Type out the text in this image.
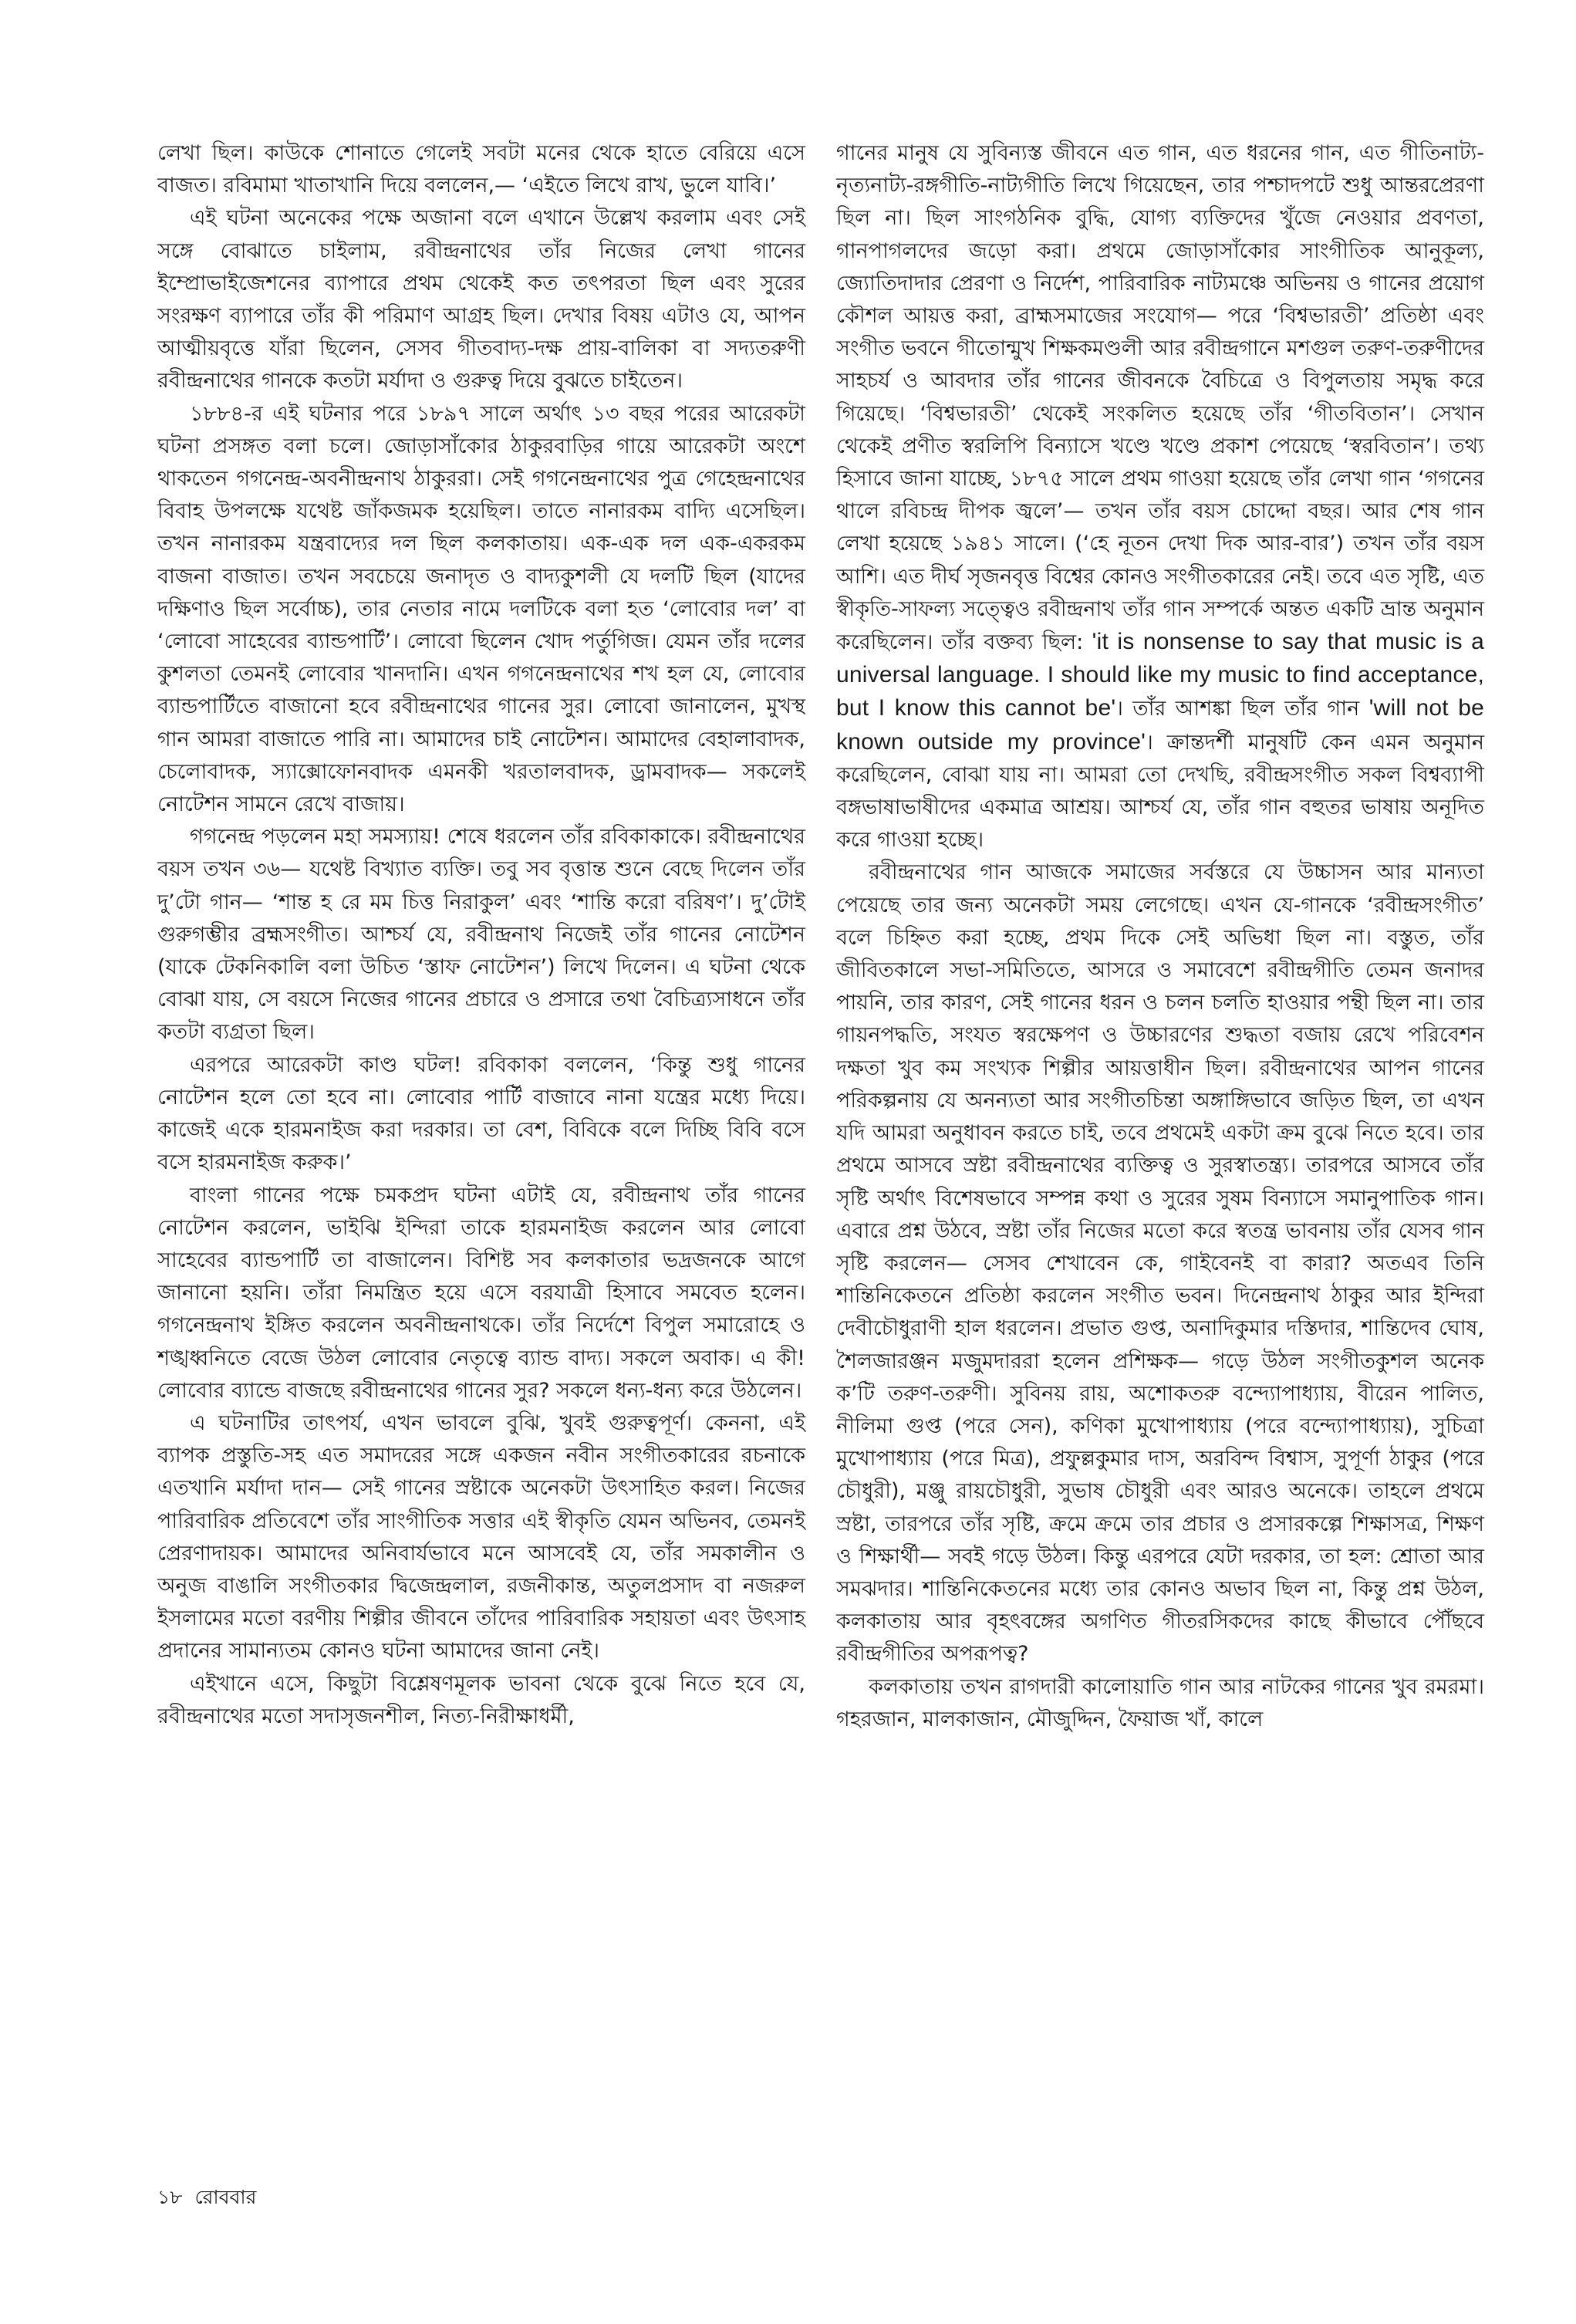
লেখা ছিল। কাউকে শোনাতে গেলেই সবটা মনের থেকে হাতে বেরিয়ে এসে বাজত। রবিমামা খাতাখানি দিয়ে বললেন,— ‘এইতে লিখে রাখ, ভুলে যাবি।’

এই ঘটনা অনেকের পক্ষে অজানা বলে এখানে উল্লেখ করলাম এবং সেই সঙ্গে বোঝাতে চাইলাম, রবীন্দ্রনাথের তাঁর নিজের লেখা গানের ইম্প্রোভাইজেশনের ব্যাপারে প্রথম থেকেই কত তৎপরতা ছিল এবং সুরের সংরক্ষণ ব্যাপারে তাঁর কী পরিমাণ আগ্রহ ছিল। দেখার বিষয় এটাও যে, আপন আত্মীয়বৃত্তে যাঁরা ছিলেন, সেসব গীতবাদ্য-দক্ষ প্রায়-বালিকা বা সদ্যতরুণী রবীন্দ্রনাথের গানকে কতটা মর্যাদা ও গুরুত্ব দিয়ে বুঝতে চাইতেন।

১৮৮৪-র এই ঘটনার পরে ১৮৯৭ সালে অর্থাৎ ১৩ বছর পরের আরেকটা ঘটনা প্রসঙ্গত বলা চলে। জোড়াসাঁকোর ঠাকুরবাড়ির গায়ে আরেকটা অংশে থাকতেন গগনেন্দ্র-অবনীন্দ্রনাথ ঠাকুররা। সেই গগনেন্দ্রনাথের পুত্র গেহেন্দ্রনাথের বিবাহ উপলক্ষে যথেষ্ট জাঁকজমক হয়েছিল। তাতে নানারকম বাদ্যি এসেছিল। তখন নানারকম যন্ত্রবাদ্যের দল ছিল কলকাতায়। এক-এক দল এক-একরকম বাজনা বাজাত। তখন সবচেয়ে জনাদৃত ও বাদ্যকুশলী যে দলটি ছিল (যাদের দক্ষিণাও ছিল সর্বোচ্চ), তার নেতার নামে দলটিকে বলা হত ‘লোবোর দল’ বা ‘লোবো সাহেবের ব্যান্ডপার্টি’। লোবো ছিলেন খোদ পর্তুগিজ। যেমন তাঁর দলের কুশলতা তেমনই লোবোর খানদানি। এখন গগনেন্দ্রনাথের শখ হল যে, লোবোর ব্যান্ডপার্টিতে বাজানো হবে রবীন্দ্রনাথের গানের সুর। লোবো জানালেন, মুখস্থ গান আমরা বাজাতে পারি না। আমাদের চাই নোটেশন। আমাদের বেহালাবাদক, চেলোবাদক, স্যাক্সোফোনবাদক এমনকী খরতালবাদক, ড্রামবাদক— সকলেই নোটেশন সামনে রেখে বাজায়।

গগনেন্দ্র পড়লেন মহা সমস্যায়! শেষে ধরলেন তাঁর রবিকাকাকে। রবীন্দ্রনাথের বয়স তখন ৩৬— যথেষ্ট বিখ্যাত ব্যক্তি। তবু সব বৃত্তান্ত শুনে বেছে দিলেন তাঁর দু’টো গান— ‘শান্ত হ রে মম চিত্ত নিরাকুল’ এবং ‘শান্তি করো বরিষণ’। দু’টোই গুরুগম্ভীর ব্রহ্মসংগীত। আশ্চর্য যে, রবীন্দ্রনাথ নিজেই তাঁর গানের নোটেশন (যাকে টেকনিকালি বলা উচিত ‘স্তাফ নোটেশন’) লিখে দিলেন। এ ঘটনা থেকে বোঝা যায়, সে বয়সে নিজের গানের প্রচারে ও প্রসারে তথা বৈচিত্র্যসাধনে তাঁর কতটা ব্যগ্রতা ছিল।

এরপরে আরেকটা কাণ্ড ঘটল! রবিকাকা বললেন, ‘কিন্তু শুধু গানের নোটেশন হলে তো হবে না। লোবোর পার্টি বাজাবে নানা যন্ত্রের মধ্যে দিয়ে। কাজেই একে হারমনাইজ করা দরকার। তা বেশ, বিবিকে বলে দিচ্ছি বিবি বসে বসে হারমনাইজ করুক।’

বাংলা গানের পক্ষে চমকপ্রদ ঘটনা এটাই যে, রবীন্দ্রনাথ তাঁর গানের নোটেশন করলেন, ভাইঝি ইন্দিরা তাকে হারমনাইজ করলেন আর লোবো সাহেবের ব্যান্ডপার্টি তা বাজালেন। বিশিষ্ট সব কলকাতার ভদ্রজনকে আগে জানানো হয়নি। তাঁরা নিমন্ত্রিত হয়ে এসে বরযাত্রী হিসাবে সমবেত হলেন। গগনেন্দ্রনাথ ইঙ্গিত করলেন অবনীন্দ্রনাথকে। তাঁর নির্দেশে বিপুল সমারোহে ও শঙ্খধ্বনিতে বেজে উঠল লোবোর নেতৃত্বে ব্যান্ড বাদ্য। সকলে অবাক। এ কী! লোবোর ব্যান্ডে বাজছে রবীন্দ্রনাথের গানের সুর? সকলে ধন্য-ধন্য করে উঠলেন।

এ ঘটনাটির তাৎপর্য, এখন ভাবলে বুঝি, খুবই গুরুত্বপূর্ণ। কেননা, এই ব্যাপক প্রস্তুতি-সহ এত সমাদরের সঙ্গে একজন নবীন সংগীতকারের রচনাকে এতখানি মর্যাদা দান— সেই গানের স্রষ্টাকে অনেকটা উৎসাহিত করল। নিজের পারিবারিক প্রতিবেশে তাঁর সাংগীতিক সত্তার এই স্বীকৃতি যেমন অভিনব, তেমনই প্রেরণাদায়ক। আমাদের অনিবার্যভাবে মনে আসবেই যে, তাঁর সমকালীন ও অনুজ বাঙালি সংগীতকার দ্বিজেন্দ্রলাল, রজনীকান্ত, অতুলপ্রসাদ বা নজরুল ইসলামের মতো বরণীয় শিল্পীর জীবনে তাঁদের পারিবারিক সহায়তা এবং উৎসাহ প্রদানের সামান্যতম কোনও ঘটনা আমাদের জানা নেই।

এইখানে এসে, কিছুটা বিশ্লেষণমূলক ভাবনা থেকে বুঝে নিতে হবে যে, রবীন্দ্রনাথের মতো সদাসৃজনশীল, নিত্য-নিরীক্ষাধর্মী,

গানের মানুষ যে সুবিন্যস্ত জীবনে এত গান, এত ধরনের গান, এত গীতিনাট্য-নৃত্যনাট্য-রঙ্গগীতি-নাট্যগীতি লিখে গিয়েছেন, তার পশ্চাদপটে শুধু আন্তরপ্রেরণা ছিল না। ছিল সাংগঠনিক বুদ্ধি, যোগ্য ব্যক্তিদের খুঁজে নেওয়ার প্রবণতা, গানপাগলদের জড়ো করা। প্রথমে জোড়াসাঁকোর সাংগীতিক আনুকূল্য, জ্যোতিদাদার প্রেরণা ও নির্দেশ, পারিবারিক নাট্যমঞ্চে অভিনয় ও গানের প্রয়োগ কৌশল আয়ত্ত করা, ব্রাহ্মসমাজের সংযোগ— পরে ‘বিশ্বভারতী’ প্রতিষ্ঠা এবং সংগীত ভবনে গীতোন্মুখ শিক্ষকমণ্ডলী আর রবীন্দ্রগানে মশগুল তরুণ-তরুণীদের সাহচর্য ও আবদার তাঁর গানের জীবনকে বৈচিত্রে ও বিপুলতায় সমৃদ্ধ করে গিয়েছে। ‘বিশ্বভারতী’ থেকেই সংকলিত হয়েছে তাঁর ‘গীতবিতান’। সেখান থেকেই প্রণীত স্বরলিপি বিন্যাসে খণ্ডে খণ্ডে প্রকাশ পেয়েছে ‘স্বরবিতান’। তথ্য হিসাবে জানা যাচ্ছে, ১৮৭৫ সালে প্রথম গাওয়া হয়েছে তাঁর লেখা গান ‘গগনের থালে রবিচন্দ্র দীপক জ্বলে’— তখন তাঁর বয়স চোদ্দো বছর। আর শেষ গান লেখা হয়েছে ১৯৪১ সালে। (‘হে নূতন দেখা দিক আর-বার’) তখন তাঁর বয়স আশি। এত দীর্ঘ সৃজনবৃত্ত বিশ্বের কোনও সংগীতকারের নেই। তবে এত সৃষ্টি, এত স্বীকৃতি-সাফল্য সত্ত্বেও রবীন্দ্রনাথ তাঁর গান সম্পর্কে অন্তত একটি ভ্রান্ত অনুমান করেছিলেন। তাঁর বক্তব্য ছিল: 'it is nonsense to say that music is a universal language. I should like my music to find acceptance, but I know this cannot be'। তাঁর আশঙ্কা ছিল তাঁর গান 'will not be known outside my province'। ক্রান্তদর্শী মানুষটি কেন এমন অনুমান করেছিলেন, বোঝা যায় না। আমরা তো দেখছি, রবীন্দ্রসংগীত সকল বিশ্বব্যাপী বঙ্গভাষাভাষীদের একমাত্র আশ্রয়। আশ্চর্য যে, তাঁর গান বহুতর ভাষায় অনূদিত করে গাওয়া হচ্ছে।

রবীন্দ্রনাথের গান আজকে সমাজের সর্বস্তরে যে উচ্চাসন আর মান্যতা পেয়েছে তার জন্য অনেকটা সময় লেগেছে। এখন যে-গানকে ‘রবীন্দ্রসংগীত’ বলে চিহ্নিত করা হচ্ছে, প্রথম দিকে সেই অভিধা ছিল না। বস্তুত, তাঁর জীবিতকালে সভা-সমিতিতে, আসরে ও সমাবেশে রবীন্দ্রগীতি তেমন জনাদর পায়নি, তার কারণ, সেই গানের ধরন ও চলন চলতি হাওয়ার পন্থী ছিল না। তার গায়নপদ্ধতি, সংযত স্বরক্ষেপণ ও উচ্চারণের শুদ্ধতা বজায় রেখে পরিবেশন দক্ষতা খুব কম সংখ্যক শিল্পীর আয়ত্তাধীন ছিল। রবীন্দ্রনাথের আপন গানের পরিকল্পনায় যে অনন্যতা আর সংগীতচিন্তা অঙ্গাঙ্গিভাবে জড়িত ছিল, তা এখন যদি আমরা অনুধাবন করতে চাই, তবে প্রথমেই একটা ক্রম বুঝে নিতে হবে। তার প্রথমে আসবে স্রষ্টা রবীন্দ্রনাথের ব্যক্তিত্ব ও সুরস্বাতন্ত্র্য। তারপরে আসবে তাঁর সৃষ্টি অর্থাৎ বিশেষভাবে সম্পন্ন কথা ও সুরের সুষম বিন্যাসে সমানুপাতিক গান। এবারে প্রশ্ন উঠবে, স্রষ্টা তাঁর নিজের মতো করে স্বতন্ত্র ভাবনায় তাঁর যেসব গান সৃষ্টি করলেন— সেসব শেখাবেন কে, গাইবেনই বা কারা? অতএব তিনি শান্তিনিকেতনে প্রতিষ্ঠা করলেন সংগীত ভবন। দিনেন্দ্রনাথ ঠাকুর আর ইন্দিরা দেবীচৌধুরাণী হাল ধরলেন। প্রভাত গুপ্ত, অনাদিকুমার দস্তিদার, শান্তিদেব ঘোষ, শৈলজারঞ্জন মজুমদাররা হলেন প্রশিক্ষক— গড়ে উঠল সংগীতকুশল অনেক ক’টি তরুণ-তরুণী। সুবিনয় রায়, অশোকতরু বন্দ্যোপাধ্যায়, বীরেন পালিত, নীলিমা গুপ্ত (পরে সেন), কণিকা মুখোপাধ্যায় (পরে বন্দ্যোপাধ্যায়), সুচিত্রা মুখোপাধ্যায় (পরে মিত্র), প্রফুল্লকুমার দাস, অরবিন্দ বিশ্বাস, সুপূর্ণা ঠাকুর (পরে চৌধুরী), মঞ্জু রায়চৌধুরী, সুভাষ চৌধুরী এবং আরও অনেকে। তাহলে প্রথমে স্রষ্টা, তারপরে তাঁর সৃষ্টি, ক্রমে ক্রমে তার প্রচার ও প্রসারকল্পে শিক্ষাসত্র, শিক্ষণ ও শিক্ষার্থী— সবই গড়ে উঠল। কিন্তু এরপরে যেটা দরকার, তা হল: শ্রোতা আর সমঝদার। শান্তিনিকেতনের মধ্যে তার কোনও অভাব ছিল না, কিন্তু প্রশ্ন উঠল, কলকাতায় আর বৃহৎবঙ্গের অগণিত গীতরসিকদের কাছে কীভাবে পৌঁছবে রবীন্দ্রগীতির অপরূপত্ব?

কলকাতায় তখন রাগদারী কালোয়াতি গান আর নাটকের গানের খুব রমরমা। গহরজান, মালকাজান, মৌজুদ্দিন, ফৈয়াজ খাঁ, কালে

১৮ রোববার
